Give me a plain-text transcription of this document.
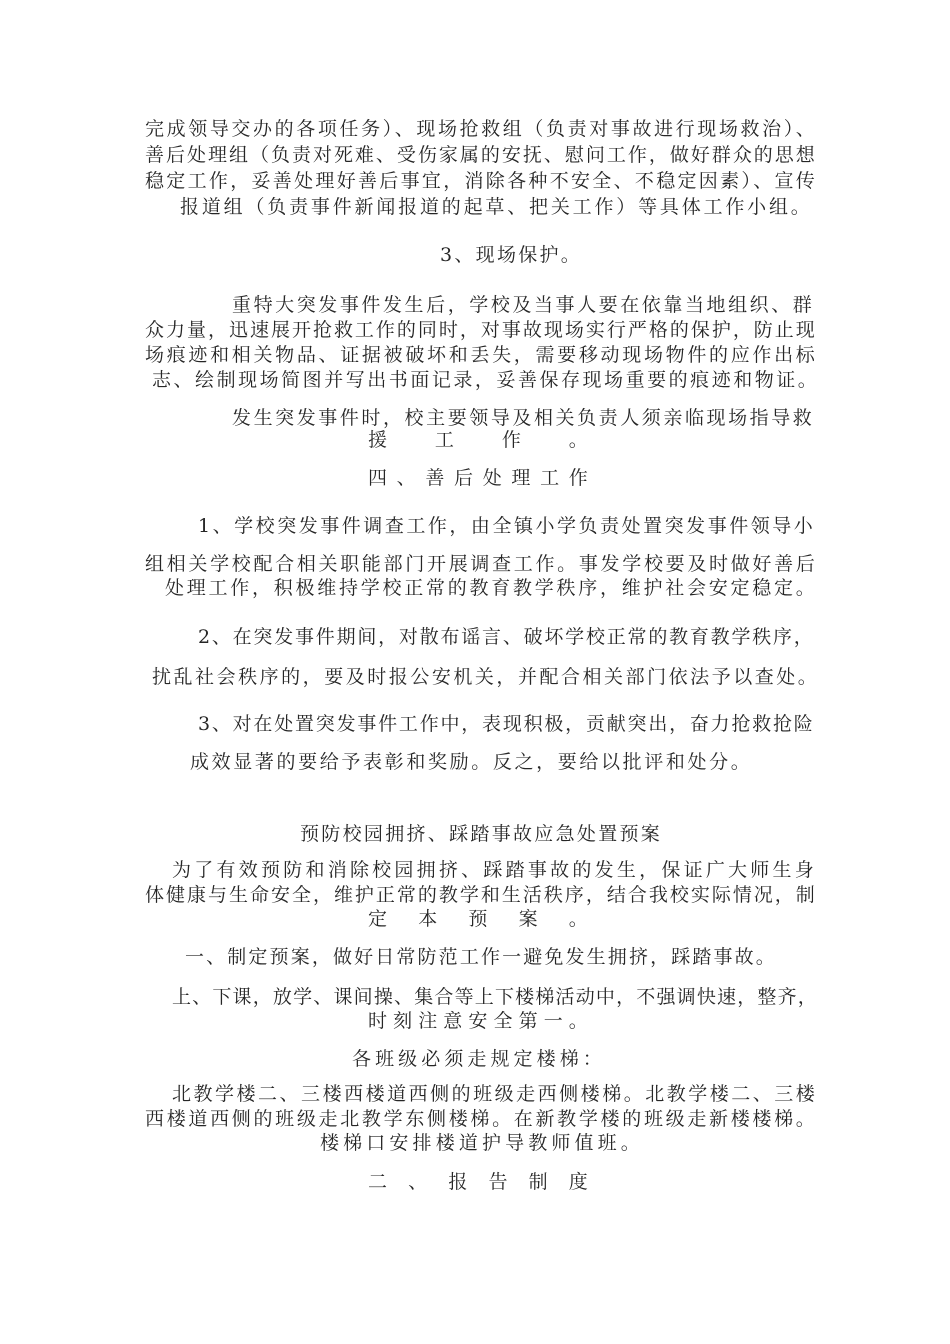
完成领导交办的各项任务）、现场抢救组（负责对事故进行现场救治）、
善后处理组（负责对死难、受伤家属的安抚、慰问工作，做好群众的思想
稳定工作，妥善处理好善后事宜，消除各种不安全、不稳定因素）、宣传
报道组（负责事件新闻报道的起草、把关工作）等具体工作小组。
3、现场保护。
重特大突发事件发生后，学校及当事人要在依靠当地组织、群
众力量，迅速展开抢救工作的同时，对事故现场实行严格的保护，防止现
场痕迹和相关物品、证据被破坏和丢失，需要移动现场物件的应作出标
志、绘制现场简图并写出书面记录，妥善保存现场重要的痕迹和物证。
发生突发事件时，校主要领导及相关负责人须亲临现场指导救
援工作。
四、善后处理工作
1、学校突发事件调查工作，由全镇小学负责处置突发事件领导小
组相关学校配合相关职能部门开展调查工作。事发学校要及时做好善后
处理工作，积极维持学校正常的教育教学秩序，维护社会安定稳定。
2、在突发事件期间，对散布谣言、破坏学校正常的教育教学秩序，
扰乱社会秩序的，要及时报公安机关，并配合相关部门依法予以查处。
3、对在处置突发事件工作中，表现积极，贡献突出，奋力抢救抢险
成效显著的要给予表彰和奖励。反之，要给以批评和处分。
预防校园拥挤、踩踏事故应急处置预案
为了有效预防和消除校园拥挤、踩踏事故的发生，保证广大师生身
体健康与生命安全，维护正常的教学和生活秩序，结合我校实际情况，制
定本预案。
一、制定预案，做好日常防范工作一避免发生拥挤，踩踏事故。
上、下课，放学、课间操、集合等上下楼梯活动中，不强调快速，整齐，
时刻注意安全第一。
各班级必须走规定楼梯：
北教学楼二、三楼西楼道西侧的班级走西侧楼梯。北教学楼二、三楼
西楼道西侧的班级走北教学东侧楼梯。在新教学楼的班级走新楼楼梯。
楼梯口安排楼道护导教师值班。
二、报告制度
